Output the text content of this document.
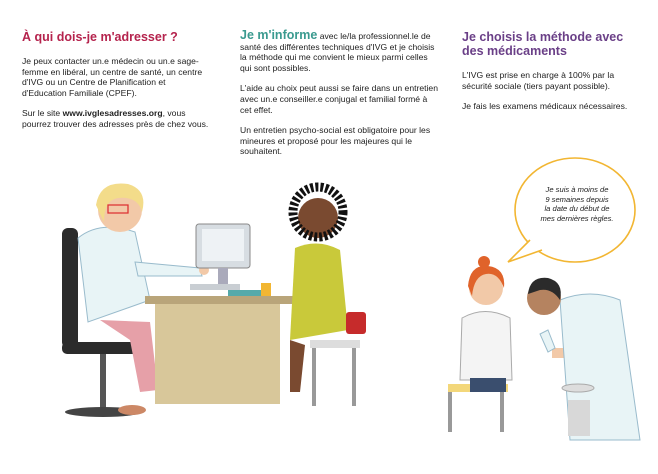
À qui dois-je m'adresser ?

Je peux contacter un.e médecin ou un.e sage-femme en libéral, un centre de santé, un centre d'IVG ou un Centre de Planification et d'Education Familiale (CPEF).

Sur le site www.ivglesadresses.org, vous pourrez trouver des adresses près de chez vous.

Je m'informe avec le/la professionnel.le de santé des différentes techniques d'IVG et je choisis la méthode qui me convient le mieux parmi celles qui sont possibles.

L'aide au choix peut aussi se faire dans un entretien avec un.e conseiller.e conjugal et familial formé à cet effet.

Un entretien psycho-social est obligatoire pour les mineures et proposé pour les majeures qui le souhaitent.

Je choisis la méthode avec des médicaments

L'IVG est prise en charge à 100% par la sécurité sociale (tiers payant possible).

Je fais les examens médicaux nécessaires.

Je suis à moins de
9 semaines depuis
la date du début de
mes dernières règles.
